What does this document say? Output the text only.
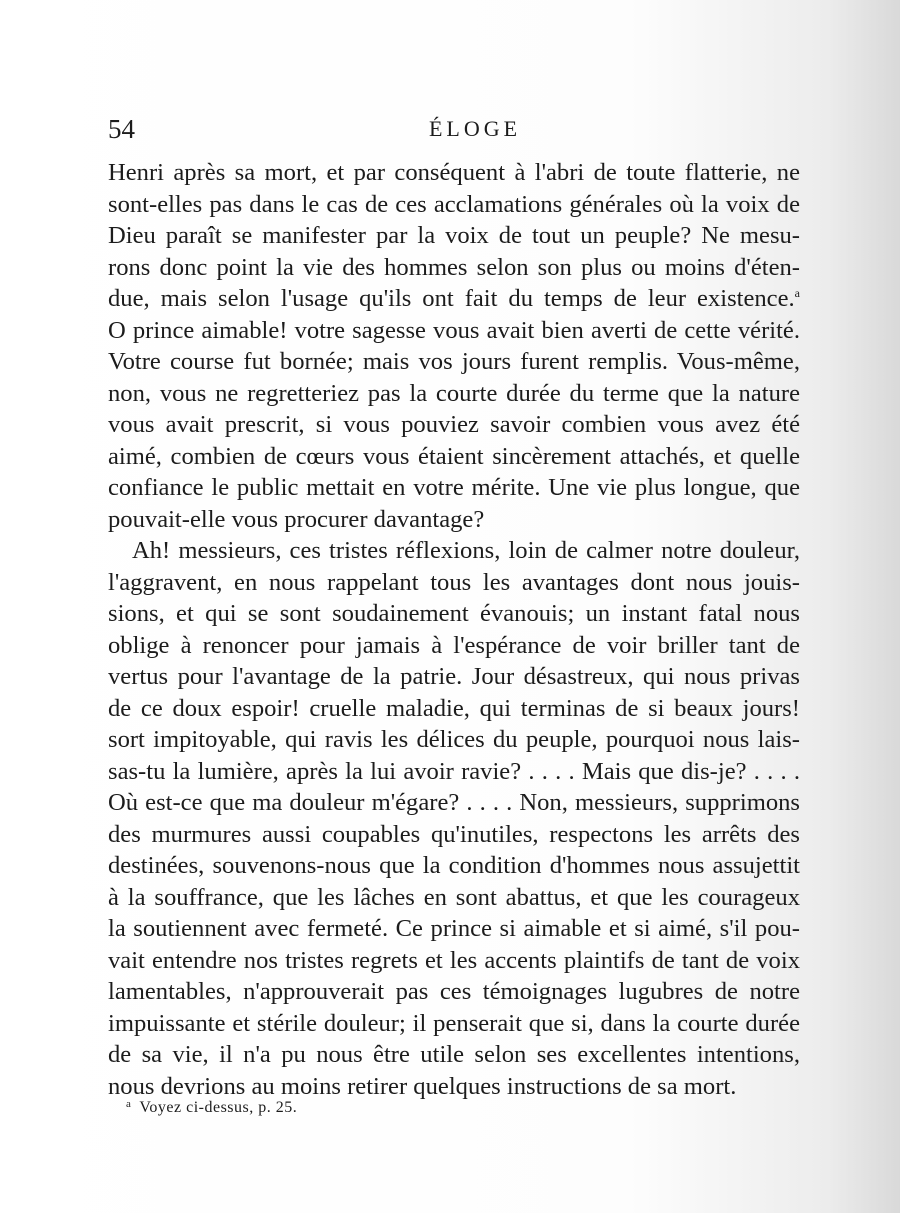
54	ÉLOGE
Henri après sa mort, et par conséquent à l'abri de toute flatterie, ne
sont-elles pas dans le cas de ces acclamations générales où la voix de
Dieu paraît se manifester par la voix de tout un peuple? Ne mesu-
rons donc point la vie des hommes selon son plus ou moins d'éten-
due, mais selon l'usage qu'ils ont fait du temps de leur existence.$^a$
O prince aimable! votre sagesse vous avait bien averti de cette vérité.
Votre course fut bornée; mais vos jours furent remplis. Vous-même,
non, vous ne regretteriez pas la courte durée du terme que la nature
vous avait prescrit, si vous pouviez savoir combien vous avez été
aimé, combien de cœurs vous étaient sincèrement attachés, et quelle
confiance le public mettait en votre mérite. Une vie plus longue, que
pouvait-elle vous procurer davantage?
Ah! messieurs, ces tristes réflexions, loin de calmer notre douleur,
l'aggravent, en nous rappelant tous les avantages dont nous jouis-
sions, et qui se sont soudainement évanouis; un instant fatal nous
oblige à renoncer pour jamais à l'espérance de voir briller tant de
vertus pour l'avantage de la patrie. Jour désastreux, qui nous privas
de ce doux espoir! cruelle maladie, qui terminas de si beaux jours!
sort impitoyable, qui ravis les délices du peuple, pourquoi nous lais-
sas-tu la lumière, après la lui avoir ravie? . . . . Mais que dis-je? . . . .
Où est-ce que ma douleur m'égare? . . . . Non, messieurs, supprimons
des murmures aussi coupables qu'inutiles, respectons les arrêts des
destinées, souvenons-nous que la condition d'hommes nous assujettit
à la souffrance, que les lâches en sont abattus, et que les courageux
la soutiennent avec fermeté. Ce prince si aimable et si aimé, s'il pou-
vait entendre nos tristes regrets et les accents plaintifs de tant de voix
lamentables, n'approuverait pas ces témoignages lugubres de notre
impuissante et stérile douleur; il penserait que si, dans la courte durée
de sa vie, il n'a pu nous être utile selon ses excellentes intentions,
nous devrions au moins retirer quelques instructions de sa mort.
$^a$ Voyez ci-dessus, p. 25.
